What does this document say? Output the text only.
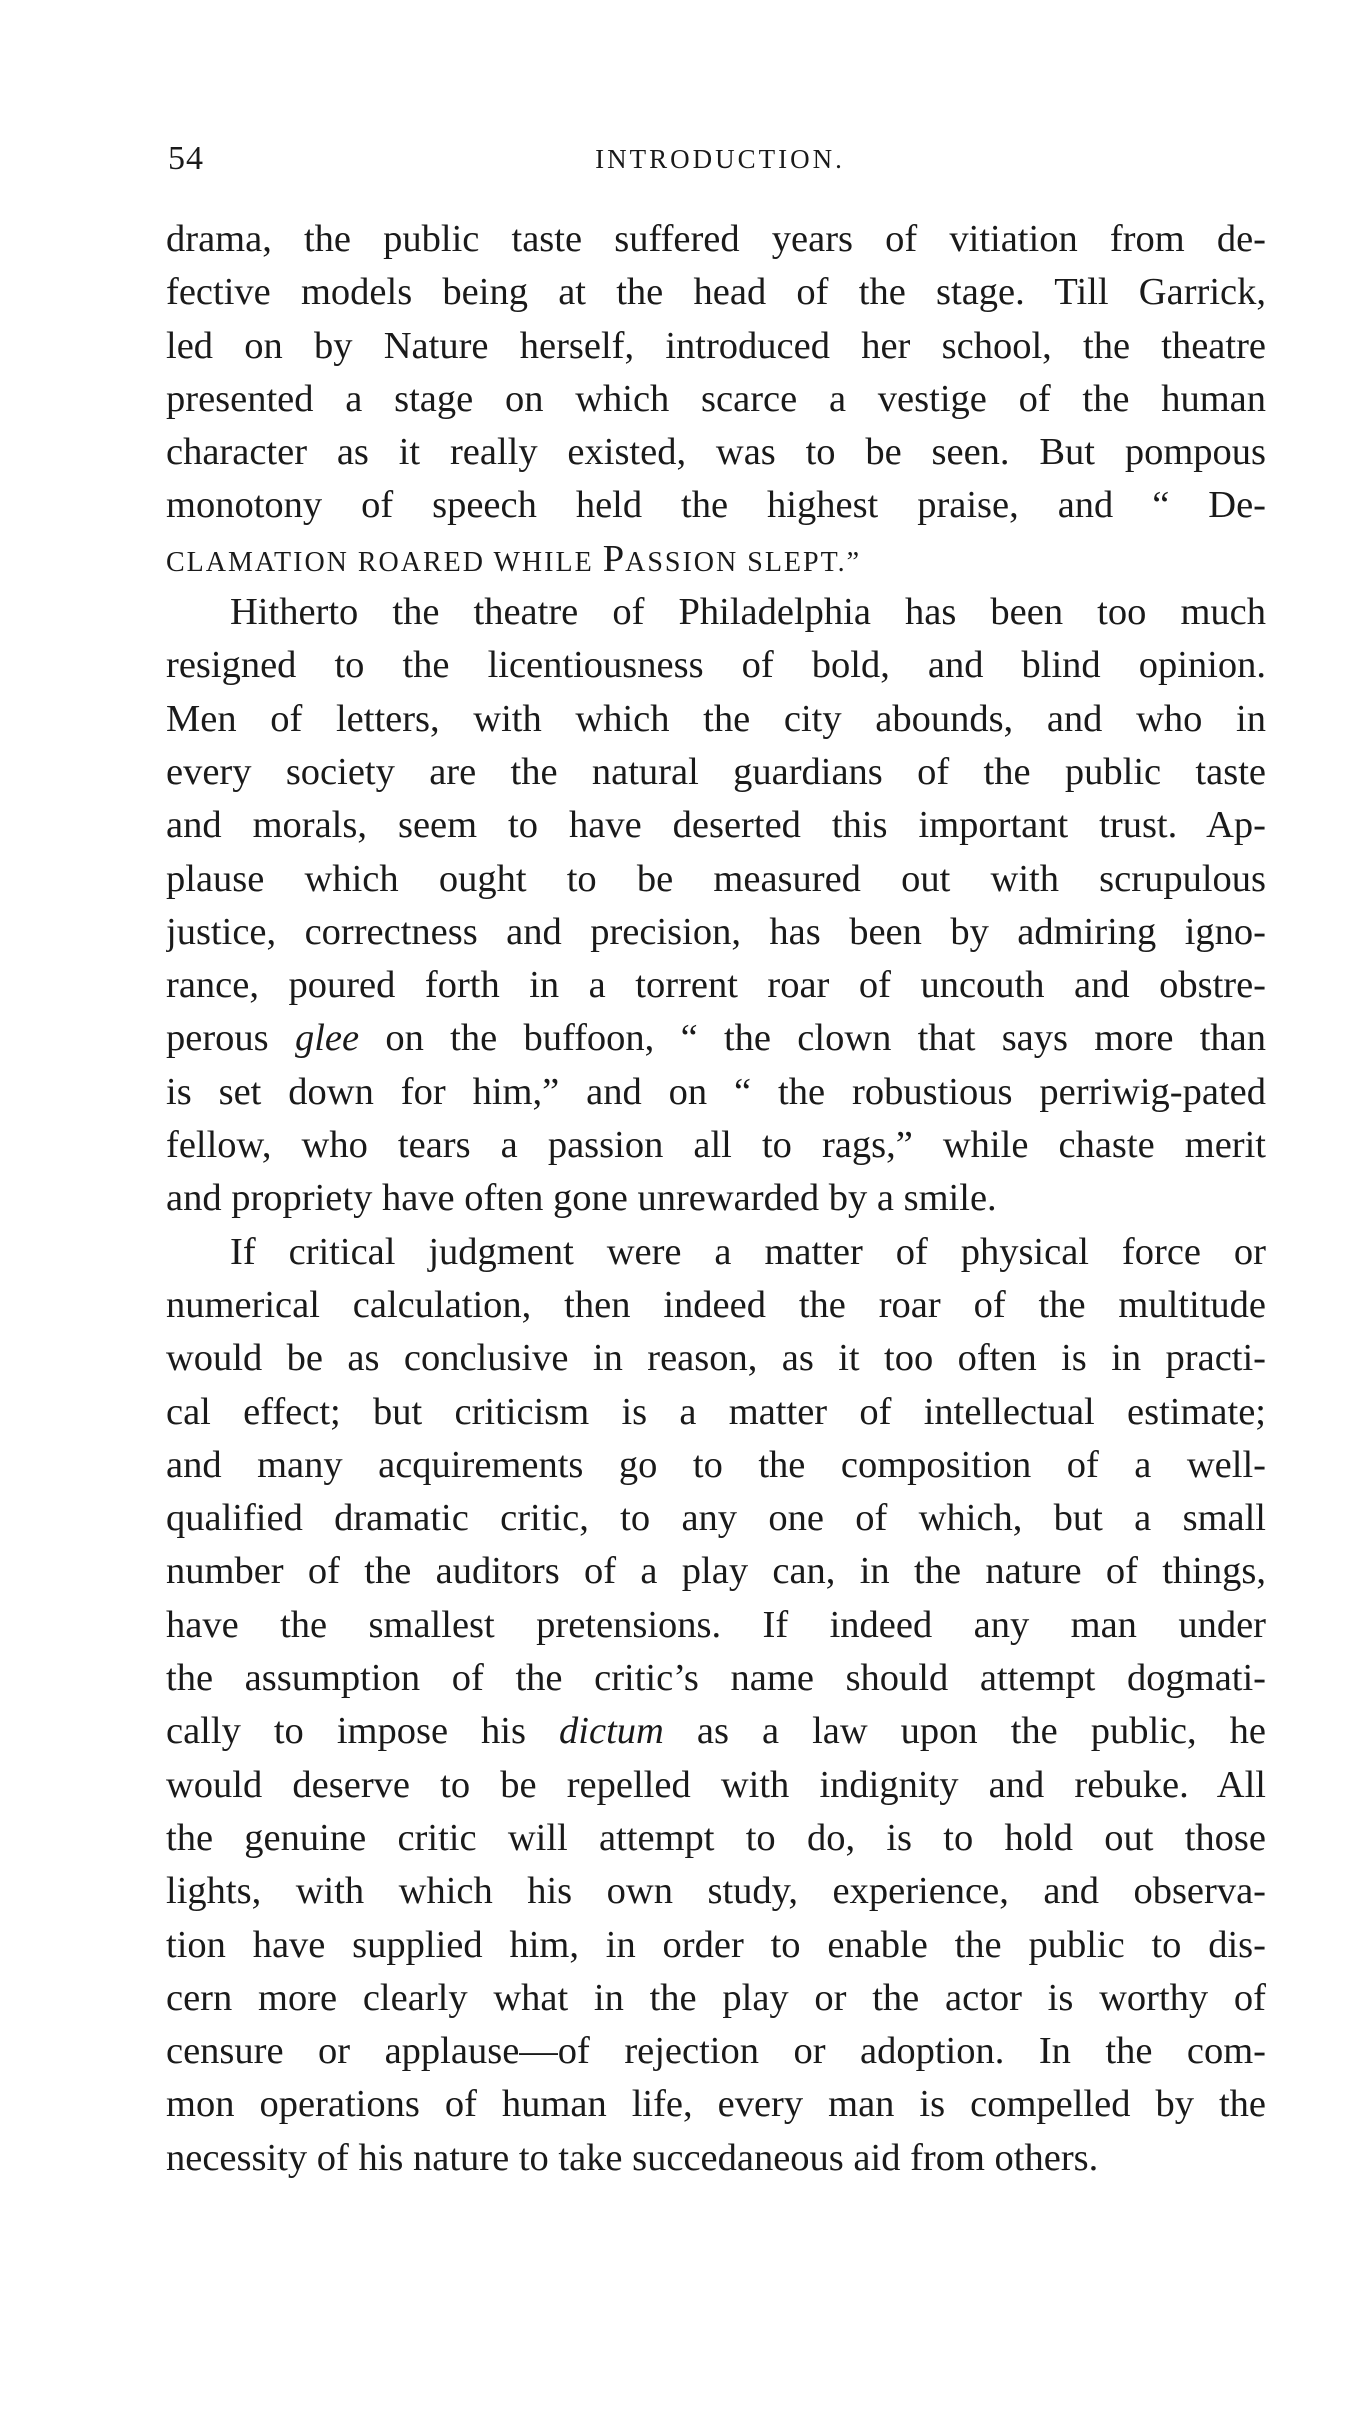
54	INTRODUCTION.
drama, the public taste suffered years of vitiation from de-
fective models being at the head of the stage. Till Garrick,
led on by Nature herself, introduced her school, the theatre
presented a stage on which scarce a vestige of the human
character as it really existed, was to be seen. But pompous
monotony of speech held the highest praise, and “ De-
CLAMATION ROARED WHILE PASSION SLEPT.”
Hitherto the theatre of Philadelphia has been too much
resigned to the licentiousness of bold, and blind opinion.
Men of letters, with which the city abounds, and who in
every society are the natural guardians of the public taste
and morals, seem to have deserted this important trust. Ap-
plause which ought to be measured out with scrupulous
justice, correctness and precision, has been by admiring igno-
rance, poured forth in a torrent roar of uncouth and obstre-
perous glee on the buffoon, “ the clown that says more than
is set down for him,” and on “ the robustious perriwig-pated
fellow, who tears a passion all to rags,” while chaste merit
and propriety have often gone unrewarded by a smile.
If critical judgment were a matter of physical force or
numerical calculation, then indeed the roar of the multitude
would be as conclusive in reason, as it too often is in practi-
cal effect; but criticism is a matter of intellectual estimate;
and many acquirements go to the composition of a well-
qualified dramatic critic, to any one of which, but a small
number of the auditors of a play can, in the nature of things,
have the smallest pretensions. If indeed any man under
the assumption of the critic’s name should attempt dogmati-
cally to impose his dictum as a law upon the public, he
would deserve to be repelled with indignity and rebuke. All
the genuine critic will attempt to do, is to hold out those
lights, with which his own study, experience, and observa-
tion have supplied him, in order to enable the public to dis-
cern more clearly what in the play or the actor is worthy of
censure or applause—of rejection or adoption. In the com-
mon operations of human life, every man is compelled by the
necessity of his nature to take succedaneous aid from others.
